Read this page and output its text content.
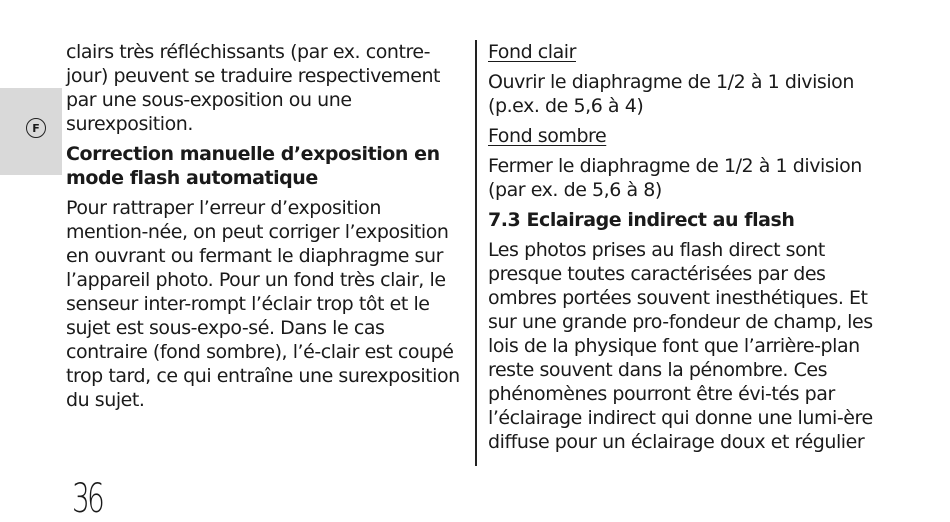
F

clairs très réfléchissants (par ex. contre-jour) peuvent se traduire respectivement par une sous-exposition ou une surexposition.

Correction manuelle d’exposition en mode flash automatique

Pour rattraper l’erreur d’exposition mention-née, on peut corriger l’exposition en ouvrant ou fermant le diaphragme sur l’appareil photo. Pour un fond très clair, le senseur inter-rompt l’éclair trop tôt et le sujet est sous-expo-sé. Dans le cas contraire (fond sombre), l’é-clair est coupé trop tard, ce qui entraîne une surexposition du sujet.

Fond clair

Ouvrir le diaphragme de 1/2 à 1 division (p.ex. de 5,6 à 4)

Fond sombre

Fermer le diaphragme de 1/2 à 1 division (par ex. de 5,6 à 8)

7.3 Eclairage indirect au flash

Les photos prises au flash direct sont presque toutes caractérisées par des ombres portées souvent inesthétiques. Et sur une grande pro-fondeur de champ, les lois de la physique font que l’arrière-plan reste souvent dans la pénombre. Ces phénomènes pourront être évi-tés par l’éclairage indirect qui donne une lumi-ère diffuse pour un éclairage doux et régulier

36
